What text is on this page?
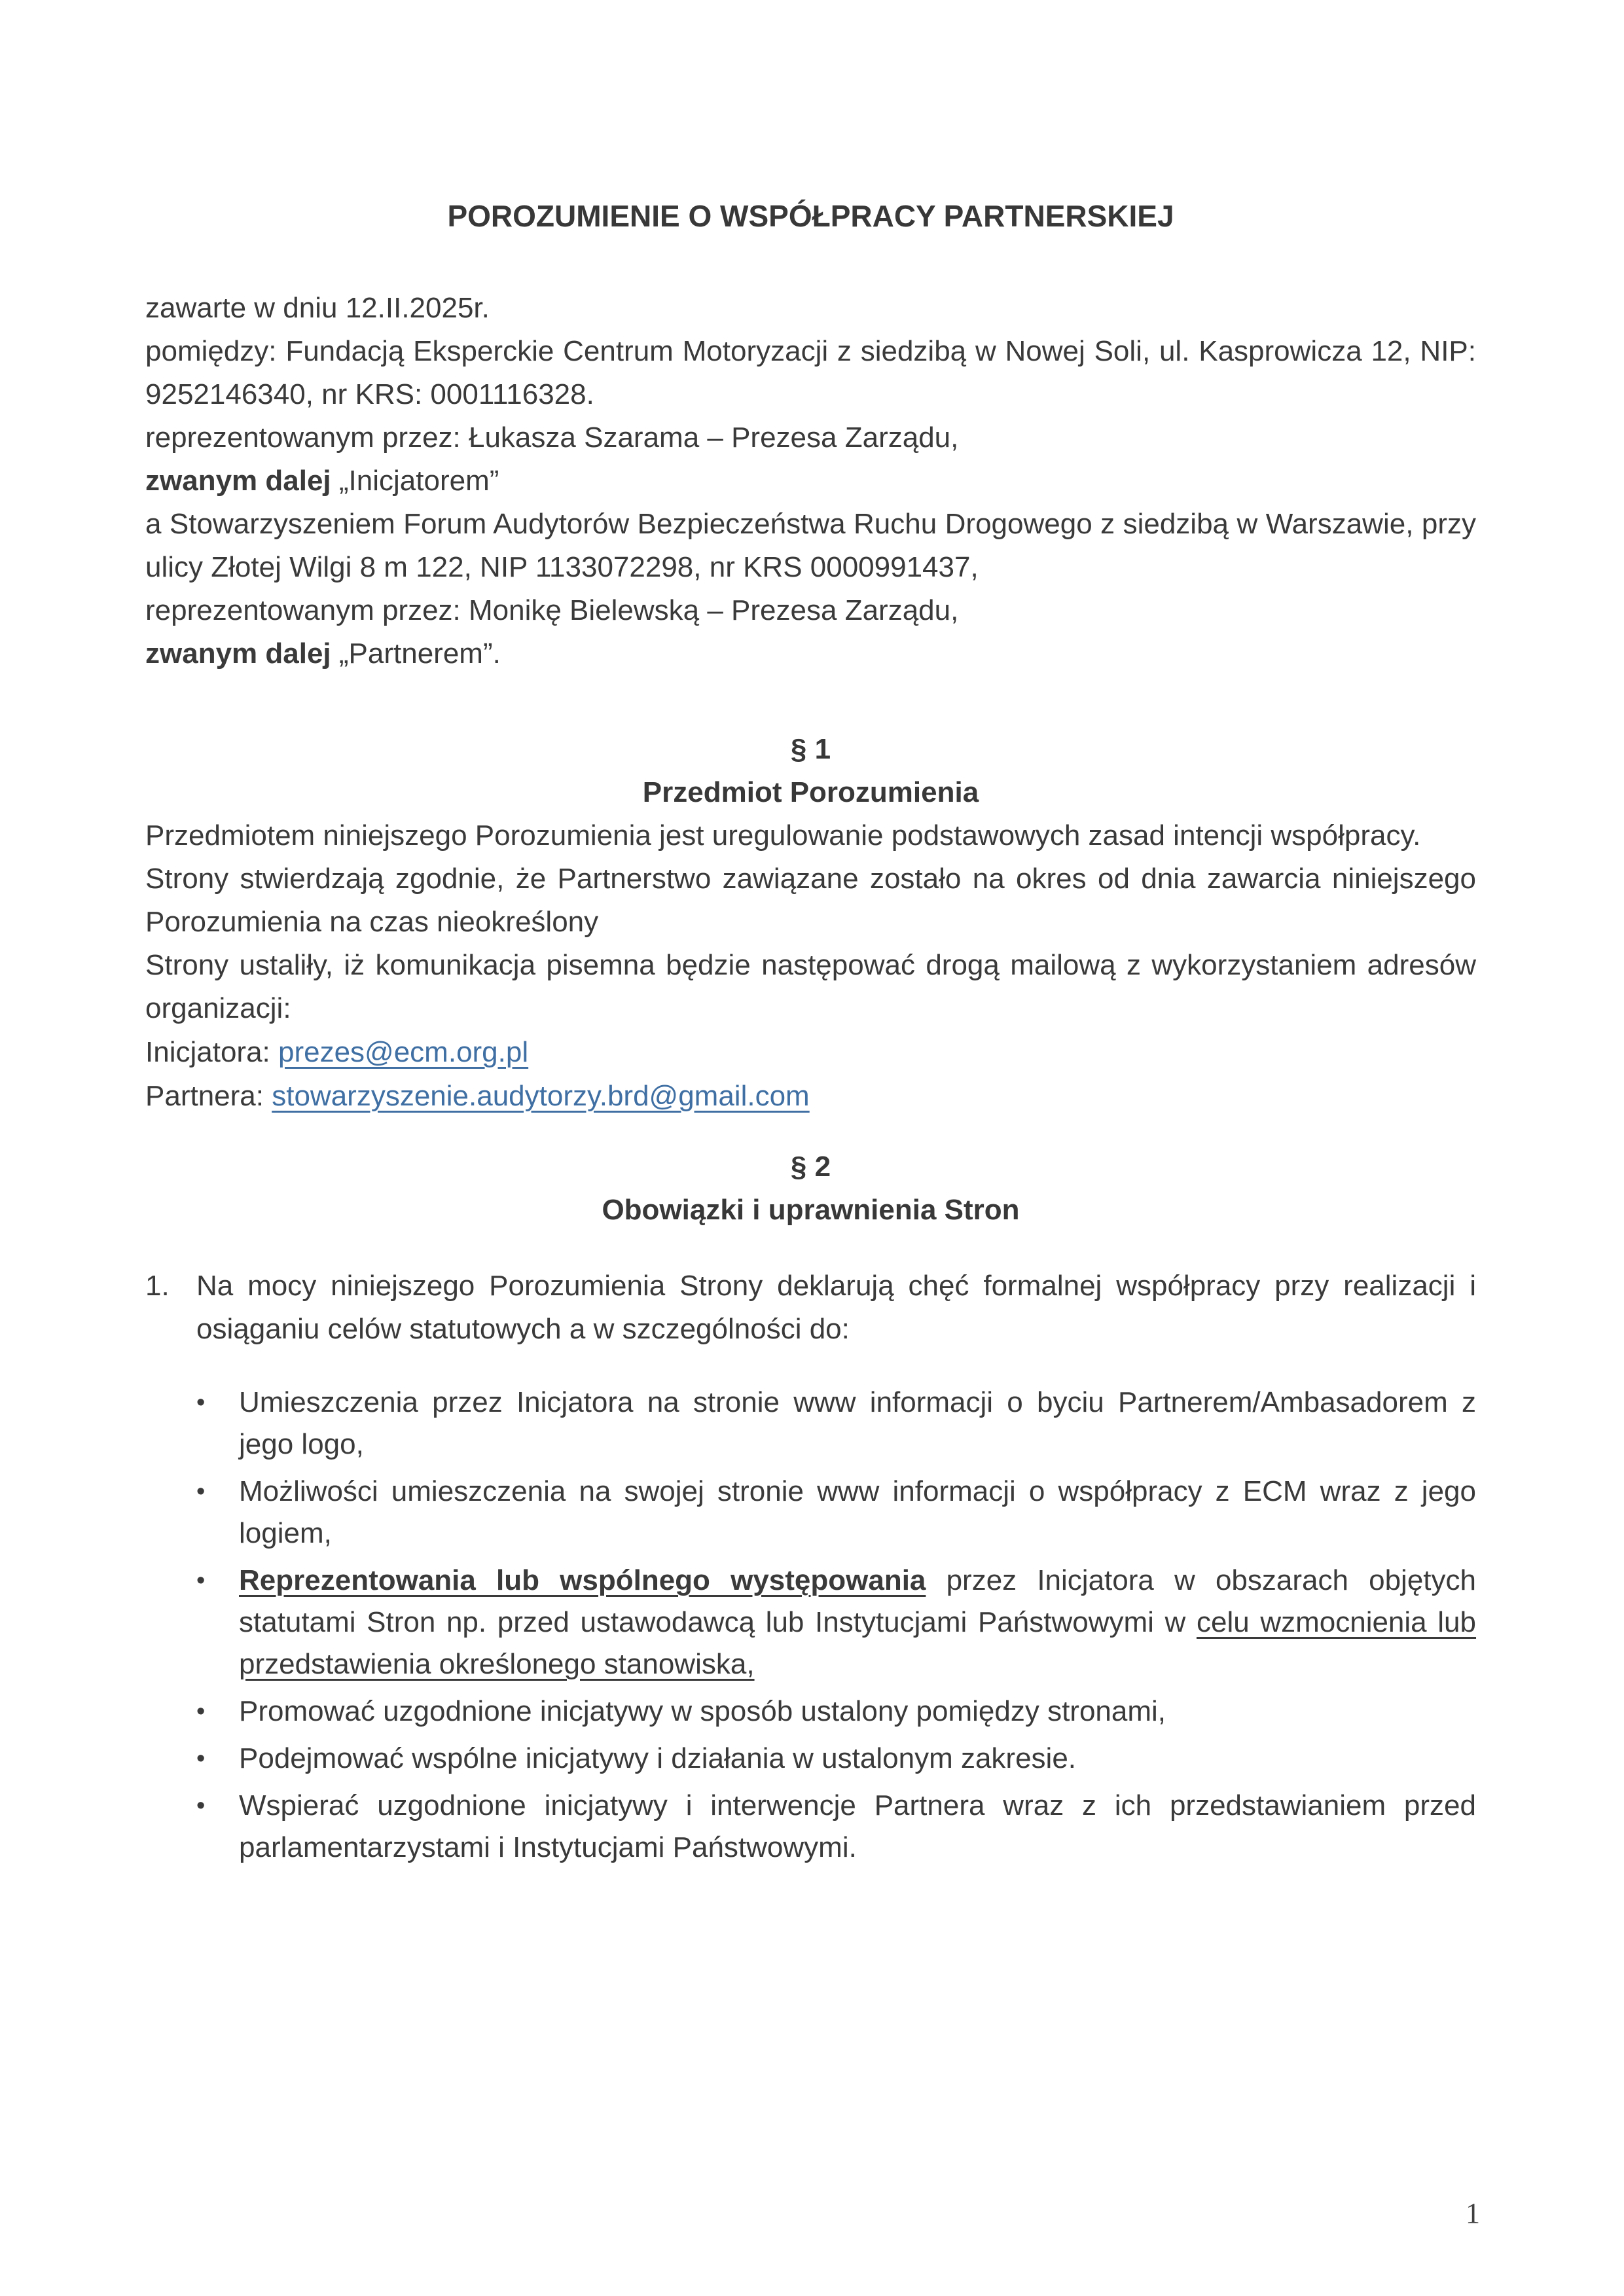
POROZUMIENIE O WSPÓŁPRACY PARTNERSKIEJ

zawarte w dniu 12.II.2025r.

pomiędzy: Fundacją Eksperckie Centrum Motoryzacji z siedzibą w Nowej Soli, ul. Kasprowicza 12, NIP: 9252146340, nr KRS: 0001116328.

reprezentowanym przez: Łukasza Szarama – Prezesa Zarządu,

zwanym dalej „Inicjatorem”

a Stowarzyszeniem Forum Audytorów Bezpieczeństwa Ruchu Drogowego z siedzibą w Warszawie, przy ulicy Złotej Wilgi 8 m 122, NIP 1133072298, nr KRS 0000991437,

reprezentowanym przez: Monikę Bielewską – Prezesa Zarządu,

zwanym dalej „Partnerem”.

§ 1
Przedmiot Porozumienia

Przedmiotem niniejszego Porozumienia jest uregulowanie podstawowych zasad intencji współpracy.

Strony stwierdzają zgodnie, że Partnerstwo zawiązane zostało na okres od dnia zawarcia niniejszego Porozumienia na czas nieokreślony

Strony ustaliły, iż komunikacja pisemna będzie następować drogą mailową z wykorzystaniem adresów organizacji:

Inicjatora: prezes@ecm.org.pl

Partnera: stowarzyszenie.audytorzy.brd@gmail.com

§ 2
Obowiązki i uprawnienia Stron
1. Na mocy niniejszego Porozumienia Strony deklarują chęć formalnej współpracy przy realizacji i osiąganiu celów statutowych a w szczególności do:

•	Umieszczenia przez Inicjatora na stronie www informacji o byciu Partnerem/Ambasadorem z jego logo,
•	Możliwości umieszczenia na swojej stronie www informacji o współpracy z ECM wraz z jego logiem,
•	Reprezentowania lub wspólnego występowania przez Inicjatora w obszarach objętych statutami Stron np. przed ustawodawcą lub Instytucjami Państwowymi w celu wzmocnienia lub przedstawienia określonego stanowiska,
•	Promować uzgodnione inicjatywy w sposób ustalony pomiędzy stronami,
•	Podejmować wspólne inicjatywy i działania w ustalonym zakresie.
•	Wspierać uzgodnione inicjatywy i interwencje Partnera wraz z ich przedstawianiem przed parlamentarzystami i Instytucjami Państwowymi.
1
